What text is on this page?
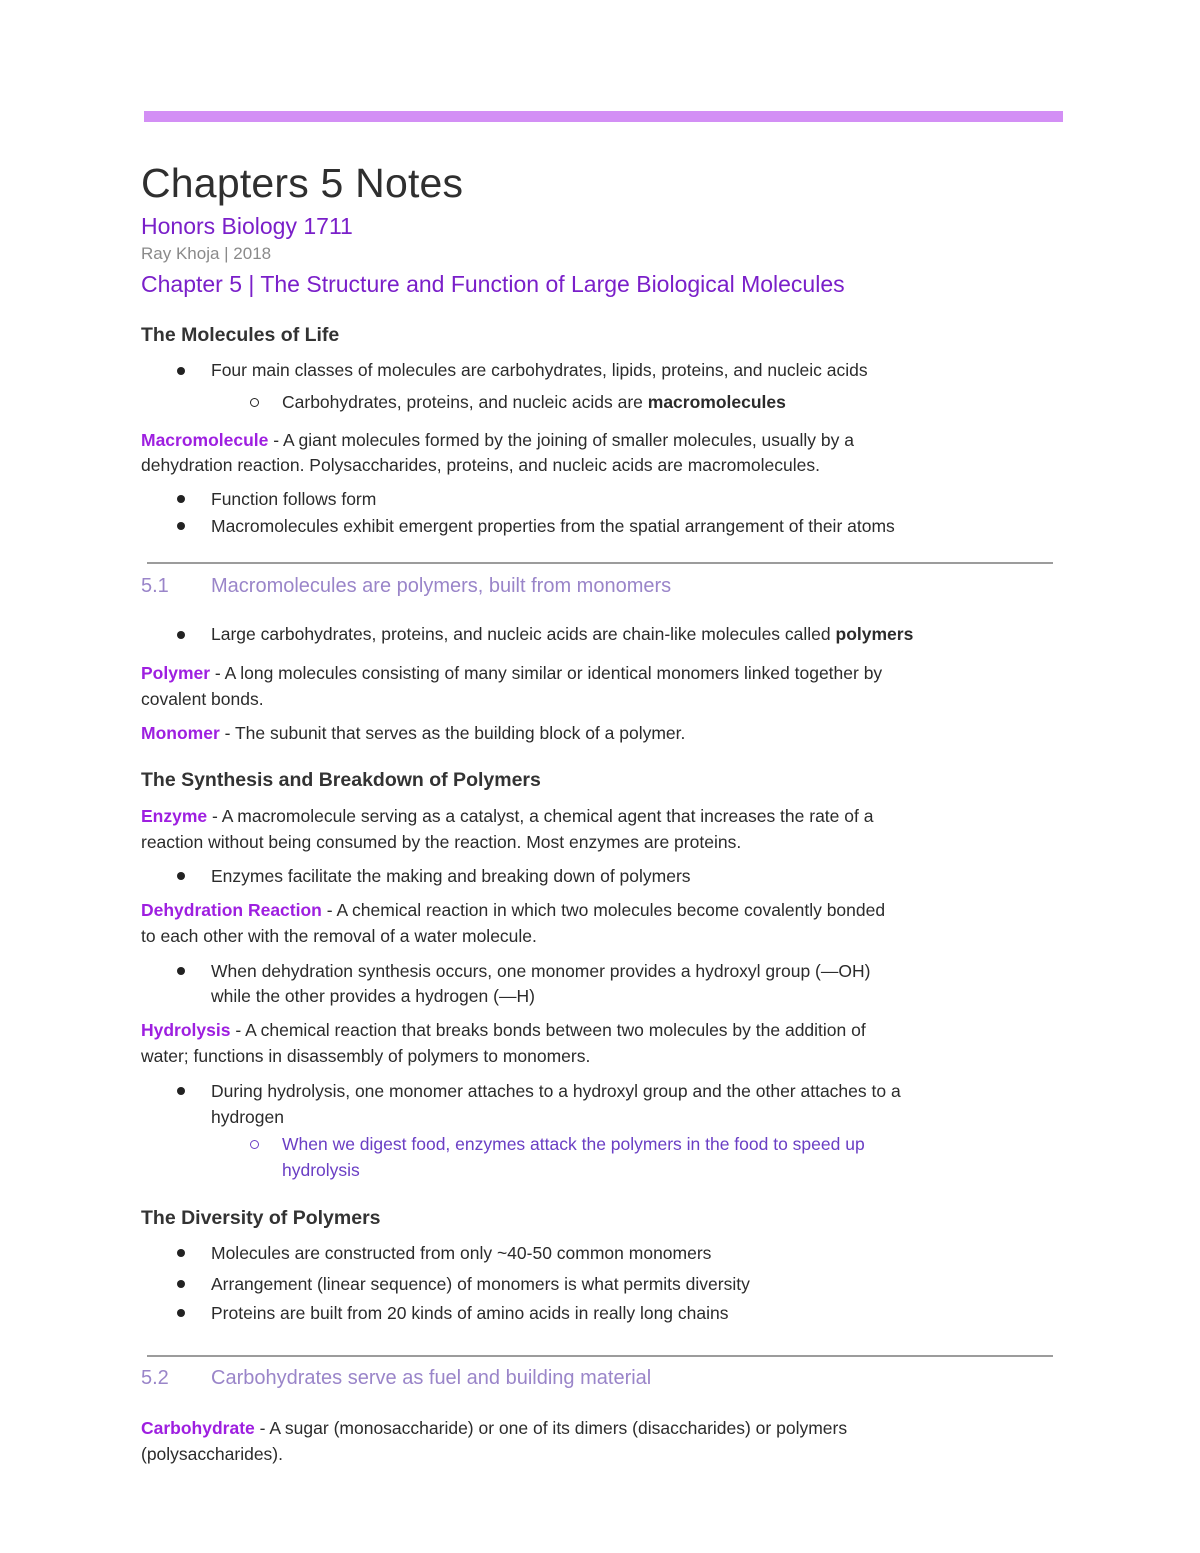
Chapters 5 Notes
Honors Biology 1711
Ray Khoja | 2018
Chapter 5 | The Structure and Function of Large Biological Molecules
The Molecules of Life
Four main classes of molecules are carbohydrates, lipids, proteins, and nucleic acids
Carbohydrates, proteins, and nucleic acids are macromolecules
Macromolecule - A giant molecules formed by the joining of smaller molecules, usually by a
dehydration reaction. Polysaccharides, proteins, and nucleic acids are macromolecules.
Function follows form
Macromolecules exhibit emergent properties from the spatial arrangement of their atoms
5.1 Macromolecules are polymers, built from monomers
Large carbohydrates, proteins, and nucleic acids are chain-like molecules called polymers
Polymer - A long molecules consisting of many similar or identical monomers linked together by
covalent bonds.
Monomer - The subunit that serves as the building block of a polymer.
The Synthesis and Breakdown of Polymers
Enzyme - A macromolecule serving as a catalyst, a chemical agent that increases the rate of a
reaction without being consumed by the reaction. Most enzymes are proteins.
Enzymes facilitate the making and breaking down of polymers
Dehydration Reaction - A chemical reaction in which two molecules become covalently bonded
to each other with the removal of a water molecule.
When dehydration synthesis occurs, one monomer provides a hydroxyl group (—OH)
while the other provides a hydrogen (—H)
Hydrolysis - A chemical reaction that breaks bonds between two molecules by the addition of
water; functions in disassembly of polymers to monomers.
During hydrolysis, one monomer attaches to a hydroxyl group and the other attaches to a
hydrogen
When we digest food, enzymes attack the polymers in the food to speed up
hydrolysis
The Diversity of Polymers
Molecules are constructed from only ~40-50 common monomers
Arrangement (linear sequence) of monomers is what permits diversity
Proteins are built from 20 kinds of amino acids in really long chains
5.2 Carbohydrates serve as fuel and building material
Carbohydrate - A sugar (monosaccharide) or one of its dimers (disaccharides) or polymers
(polysaccharides).
